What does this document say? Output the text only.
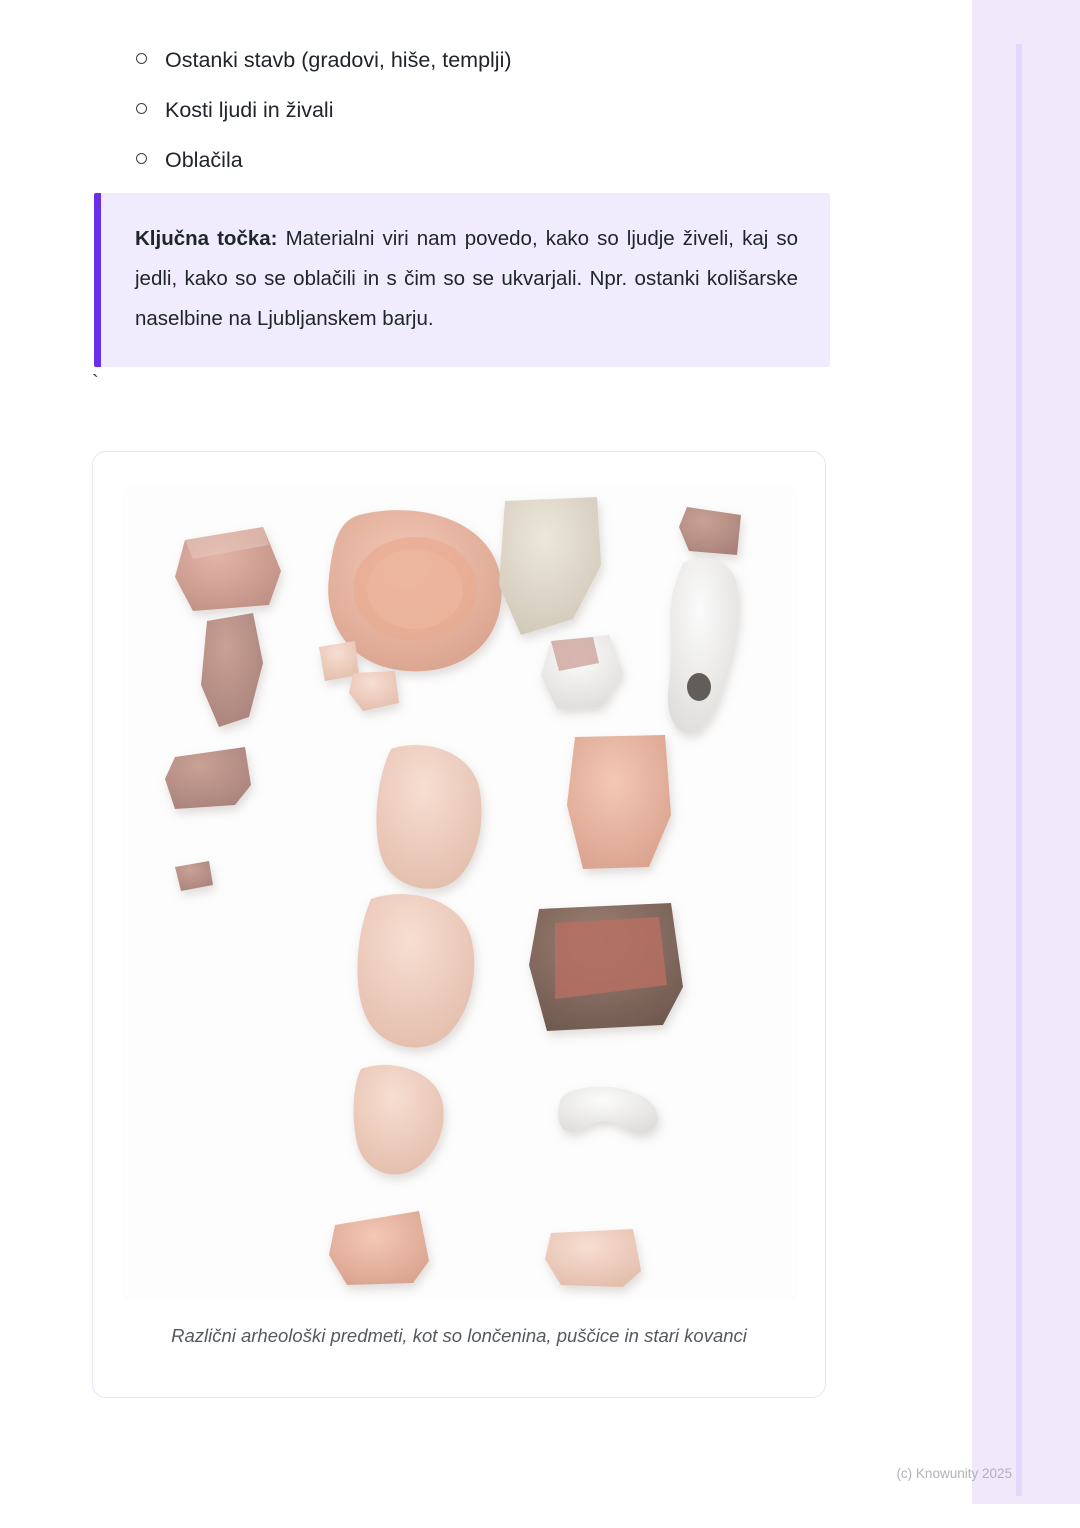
Ostanki stavb (gradovi, hiše, templji)
Kosti ljudi in živali
Oblačila

Ključna točka: Materialni viri nam povedo, kako so ljudje živeli, kaj so jedli, kako so se oblačili in s čim so se ukvarjali. Npr. ostanki kolišarske naselbine na Ljubljanskem barju.

`
Različni arheološki predmeti, kot so lončenina, puščice in stari kovanci
(c) Knowunity 2025
